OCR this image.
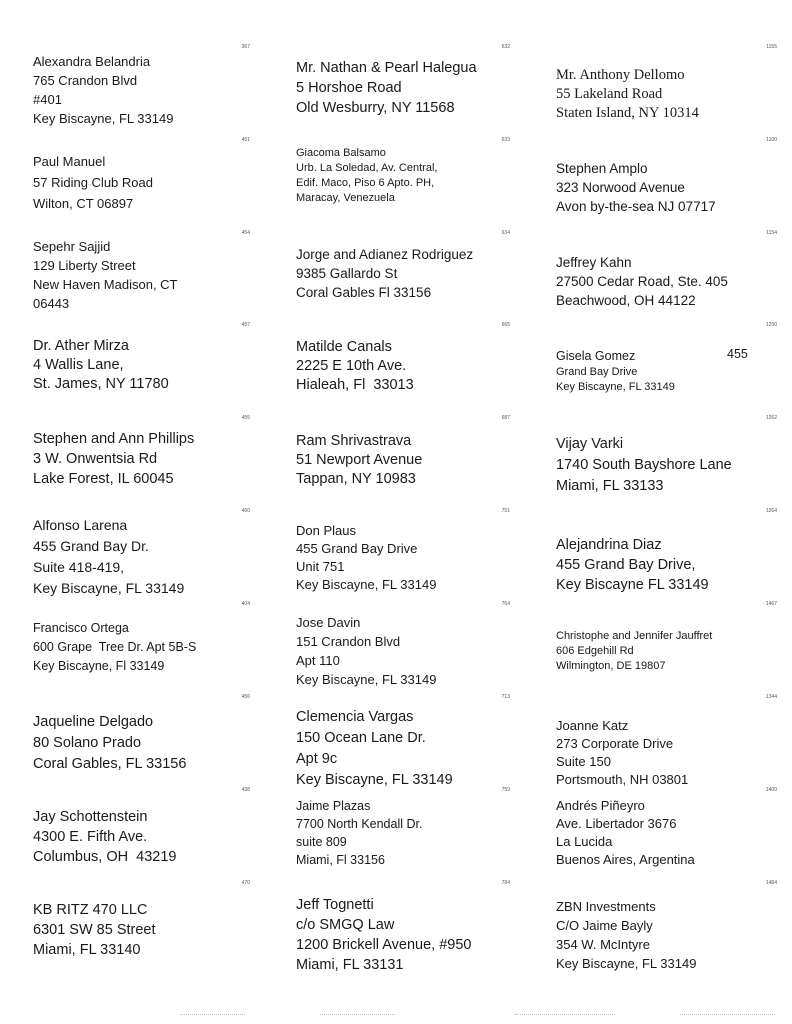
367
Alexandra Belandria
765 Crandon Blvd
#401
Key Biscayne, FL 33149
451
Paul Manuel
57 Riding Club Road
Wilton, CT 06897
454
Sepehr Sajjid
129 Liberty Street
New Haven Madison, CT
06443
457
Dr. Ather Mirza
4 Wallis Lane,
St. James, NY 11780
455
Stephen and Ann Phillips
3 W. Onwentsia Rd
Lake Forest, IL 60045
460
Alfonso Larena
455 Grand Bay Dr.
Suite 418-419,
Key Biscayne, FL 33149
404
Francisco Ortega
600 Grape  Tree Dr. Apt 5B-S
Key Biscayne, Fl 33149
456
Jaqueline Delgado
80 Solano Prado
Coral Gables, FL 33156
438
Jay Schottenstein
4300 E. Fifth Ave.
Columbus, OH  43219
470
KB RITZ 470 LLC
6301 SW 85 Street
Miami, FL 33140
632
Mr. Nathan & Pearl Halegua
5 Horshoe Road
Old Wesburry, NY 11568
633
Giacoma Balsamo
Urb. La Soledad, Av. Central,
Edif. Maco, Piso 6 Apto. PH,
Maracay, Venezuela
634
Jorge and Adianez Rodriguez
9385 Gallardo St
Coral Gables Fl 33156
665
Matilde Canals
2225 E 10th Ave.
Hialeah, Fl  33013
687
Ram Shrivastrava
51 Newport Avenue
Tappan, NY 10983
751
Don Plaus
455 Grand Bay Drive
Unit 751
Key Biscayne, FL 33149
764
Jose Davin
151 Crandon Blvd
Apt 110
Key Biscayne, FL 33149
713
Clemencia Vargas
150 Ocean Lane Dr.
Apt 9c
Key Biscayne, FL 33149
759
Jaime Plazas
7700 North Kendall Dr.
suite 809
Miami, Fl 33156
784
Jeff Tognetti
c/o SMGQ Law
1200 Brickell Avenue, #950
Miami, FL 33131
1155
Mr. Anthony Dellomo
55 Lakeland Road
Staten Island, NY 10314
1100
Stephen Amplo
323 Norwood Avenue
Avon by-the-sea NJ 07717
1154
Jeffrey Kahn
27500 Cedar Road, Ste. 405
Beachwood, OH 44122
1250
Gisela Gomez
Grand Bay Drive
Key Biscayne, FL 33149
455
1262
Vijay Varki
1740 South Bayshore Lane
Miami, FL 33133
1264
Alejandrina Diaz
455 Grand Bay Drive,
Key Biscayne FL 33149
1467
Christophe and Jennifer Jauffret
606 Edgehill Rd
Wilmington, DE 19807
1344
Joanne Katz
273 Corporate Drive
Suite 150
Portsmouth, NH 03801
1400
Andrés Piñeyro
Ave. Libertador 3676
La Lucida
Buenos Aires, Argentina
1484
ZBN Investments
C/O Jaime Bayly
354 W. McIntyre
Key Biscayne, FL 33149
